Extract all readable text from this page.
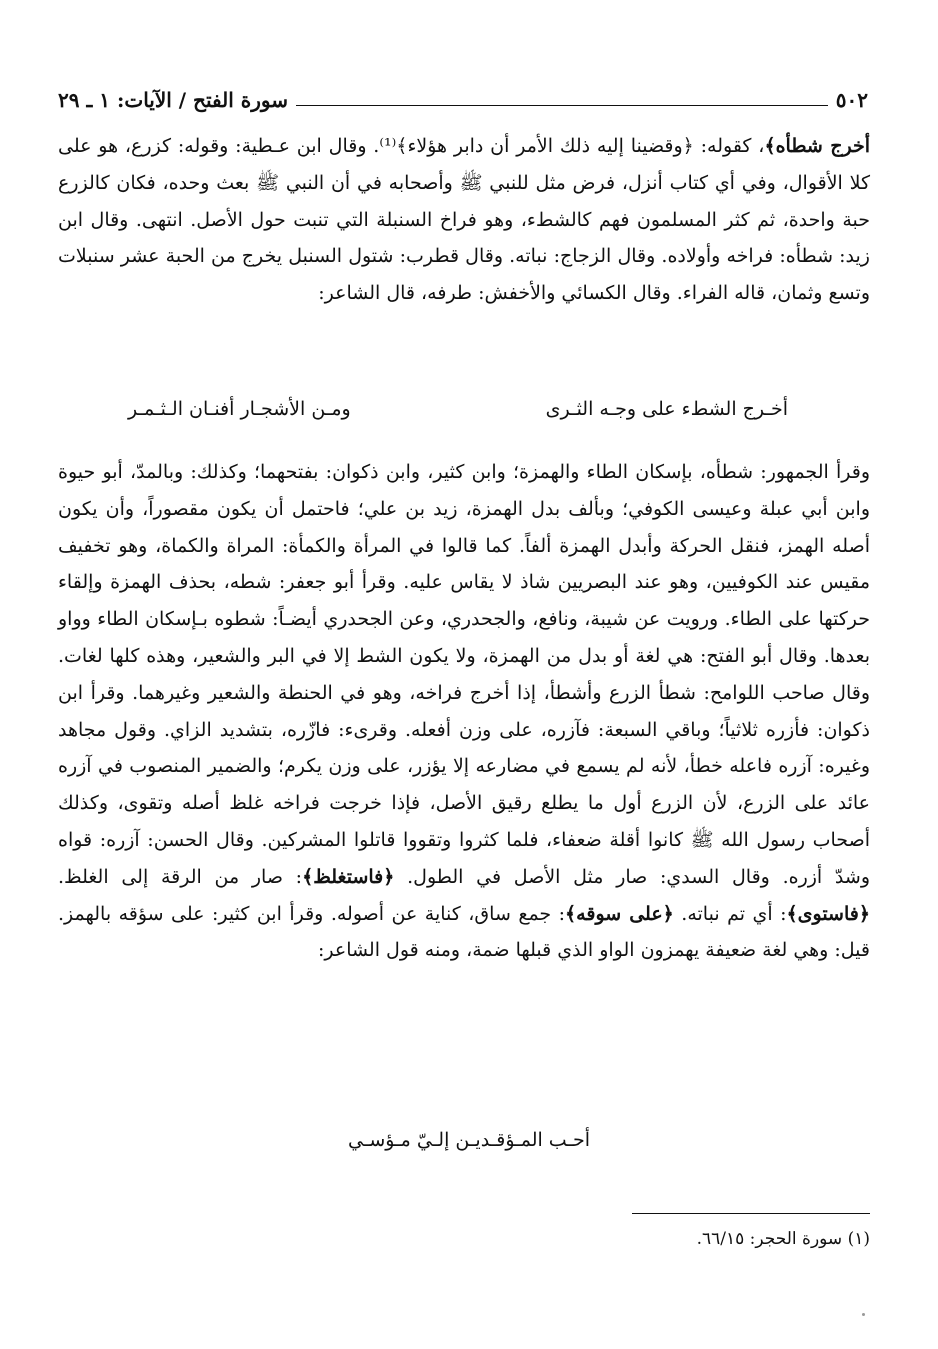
٥٠٢
سورة الفتح / الآيات: ١ ـ ٢٩

أخرج شطأه﴾، كقوله: ﴿وقضينا إليه ذلك الأمر أن دابر هؤلاء﴾⁽¹⁾. وقال ابن عـطية: وقوله: كزرع، هو على كلا الأقوال، وفي أي كتاب أنزل، فرض مثل للنبي ﷺ وأصحابه في أن النبي ﷺ بعث وحده، فكان كالزرع حبة واحدة، ثم كثر المسلمون فهم كالشطء، وهو فراخ السنبلة التي تنبت حول الأصل. انتهى. وقال ابن زيد: شطأه: فراخه وأولاده. وقال الزجاج: نباته. وقال قطرب: شتول السنبل يخرج من الحبة عشر سنبلات وتسع وثمان، قاله الفراء. وقال الكسائي والأخفش: طرفه، قال الشاعر:

أخـرج الشطء على وجـه الثـرى
ومـن الأشجـار أفنـان الـثـمـر

وقرأ الجمهور: شطأه، بإسكان الطاء والهمزة؛ وابن كثير، وابن ذكوان: بفتحهما؛ وكذلك: وبالمدّ، أبو حيوة وابن أبي عبلة وعيسى الكوفي؛ وبألف بدل الهمزة، زيد بن علي؛ فاحتمل أن يكون مقصوراً، وأن يكون أصله الهمز، فنقل الحركة وأبدل الهمزة ألفاً. كما قالوا في المرأة والكمأة: المراة والكماة، وهو تخفيف مقيس عند الكوفيين، وهو عند البصريين شاذ لا يقاس عليه. وقرأ أبو جعفر: شطه، بحذف الهمزة وإلقاء حركتها على الطاء. ورويت عن شيبة، ونافع، والجحدري، وعن الجحدري أيضـاً: شطوه بـإسكان الطاء وواو بعدها. وقال أبو الفتح: هي لغة أو بدل من الهمزة، ولا يكون الشط إلا في البر والشعير، وهذه كلها لغات. وقال صاحب اللوامح: شطأ الزرع وأشطأ، إذا أخرج فراخه، وهو في الحنطة والشعير وغيرهما. وقرأ ابن ذكوان: فأزره ثلاثياً؛ وباقي السبعة: فآزره، على وزن أفعله. وقرىء: فازّره، بتشديد الزاي. وقول مجاهد وغيره: آزره فاعله خطأ، لأنه لم يسمع في مضارعه إلا يؤزر، على وزن يكرم؛ والضمير المنصوب في آزره عائد على الزرع، لأن الزرع أول ما يطلع رقيق الأصل، فإذا خرجت فراخه غلظ أصله وتقوى، وكذلك أصحاب رسول الله ﷺ كانوا أقلة ضعفاء، فلما كثروا وتقووا قاتلوا المشركين. وقال الحسن: آزره: قواه وشدّ أزره. وقال السدي: صار مثل الأصل في الطول. ﴿فاستغلظ﴾: صار من الرقة إلى الغلظ. ﴿فاستوى﴾: أي تم نباته. ﴿على سوقه﴾: جمع ساق، كناية عن أصوله. وقرأ ابن كثير: على سؤقه بالهمز. قيل: وهي لغة ضعيفة يهمزون الواو الذي قبلها ضمة، ومنه قول الشاعر:

أحـب المـؤقـديـن إلـيّ مـؤسـي
(١) سورة الحجر: ٦٦/١٥.
